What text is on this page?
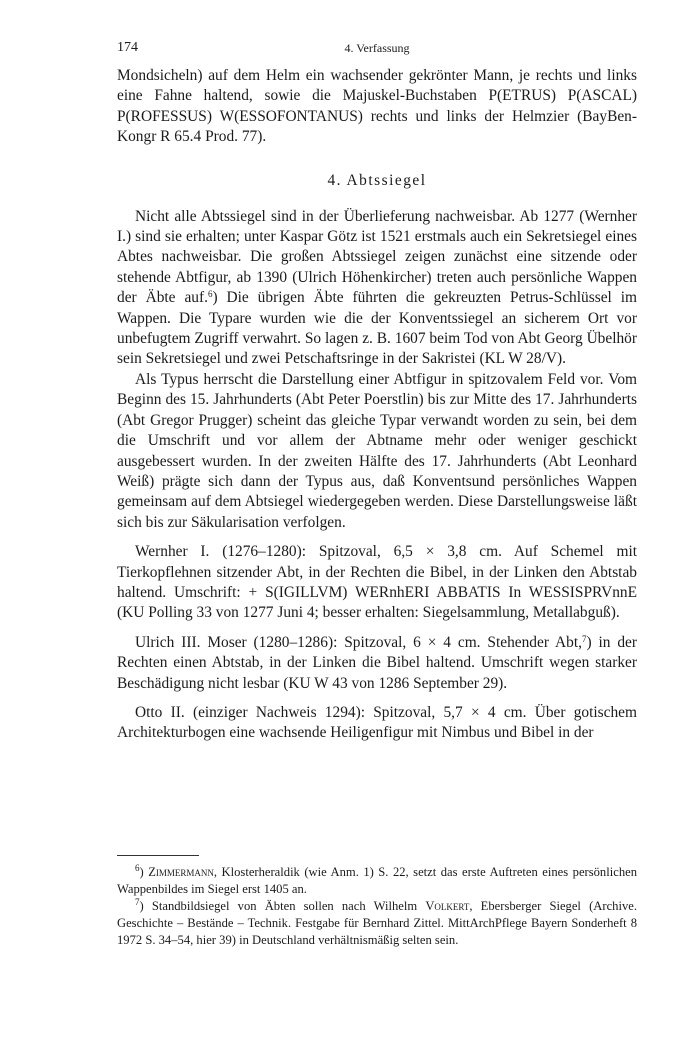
174	4. Verfassung

Mondsicheln) auf dem Helm ein wachsender gekrönter Mann, je rechts und links eine Fahne haltend, sowie die Majuskel-Buchstaben P(ETRUS) P(ASCAL) P(ROFESSUS) W(ESSOFONTANUS) rechts und links der Helmzier (BayBen-Kongr R 65.4 Prod. 77).

4. Abtssiegel

Nicht alle Abtssiegel sind in der Überlieferung nachweisbar. Ab 1277 (Wernher I.) sind sie erhalten; unter Kaspar Götz ist 1521 erstmals auch ein Sekretsiegel eines Abtes nachweisbar. Die großen Abtssiegel zeigen zunächst eine sitzende oder stehende Abtfigur, ab 1390 (Ulrich Höhenkircher) treten auch persönliche Wappen der Äbte auf.$^6$) Die übrigen Äbte führten die gekreuzten Petrus-Schlüssel im Wappen. Die Typare wurden wie die der Konventssiegel an sicherem Ort vor unbefugtem Zugriff verwahrt. So lagen z. B. 1607 beim Tod von Abt Georg Übelhör sein Sekretsiegel und zwei Petschaftsringe in der Sakristei (KL W 28/V).

Als Typus herrscht die Darstellung einer Abtfigur in spitzovalem Feld vor. Vom Beginn des 15. Jahrhunderts (Abt Peter Poerstlin) bis zur Mitte des 17. Jahrhunderts (Abt Gregor Prugger) scheint das gleiche Typar verwandt worden zu sein, bei dem die Umschrift und vor allem der Abtname mehr oder weniger geschickt ausgebessert wurden. In der zweiten Hälfte des 17. Jahrhunderts (Abt Leonhard Weiß) prägte sich dann der Typus aus, daß Konventsund persönliches Wappen gemeinsam auf dem Abtsiegel wiedergegeben werden. Diese Darstellungsweise läßt sich bis zur Säkularisation verfolgen.

Wernher I. (1276–1280): Spitzoval, 6,5 × 3,8 cm. Auf Schemel mit Tierkopflehnen sitzender Abt, in der Rechten die Bibel, in der Linken den Abtstab haltend. Umschrift: + S(IGILLVM) WERnhERI ABBATIS In WESSISPRVnnE (KU Polling 33 von 1277 Juni 4; besser erhalten: Siegelsammlung, Metallabguß).

Ulrich III. Moser (1280–1286): Spitzoval, 6 × 4 cm. Stehender Abt,$^7$) in der Rechten einen Abtstab, in der Linken die Bibel haltend. Umschrift wegen starker Beschädigung nicht lesbar (KU W 43 von 1286 September 29).

Otto II. (einziger Nachweis 1294): Spitzoval, 5,7 × 4 cm. Über gotischem Architekturbogen eine wachsende Heiligenfigur mit Nimbus und Bibel in der

$^6$) Zimmermann, Klosterheraldik (wie Anm. 1) S. 22, setzt das erste Auftreten eines persönlichen Wappenbildes im Siegel erst 1405 an.

$^7$) Standbildsiegel von Äbten sollen nach Wilhelm Volkert, Ebersberger Siegel (Archive. Geschichte – Bestände – Technik. Festgabe für Bernhard Zittel. MittArchPflege Bayern Sonderheft 8 1972 S. 34–54, hier 39) in Deutschland verhältnismäßig selten sein.
